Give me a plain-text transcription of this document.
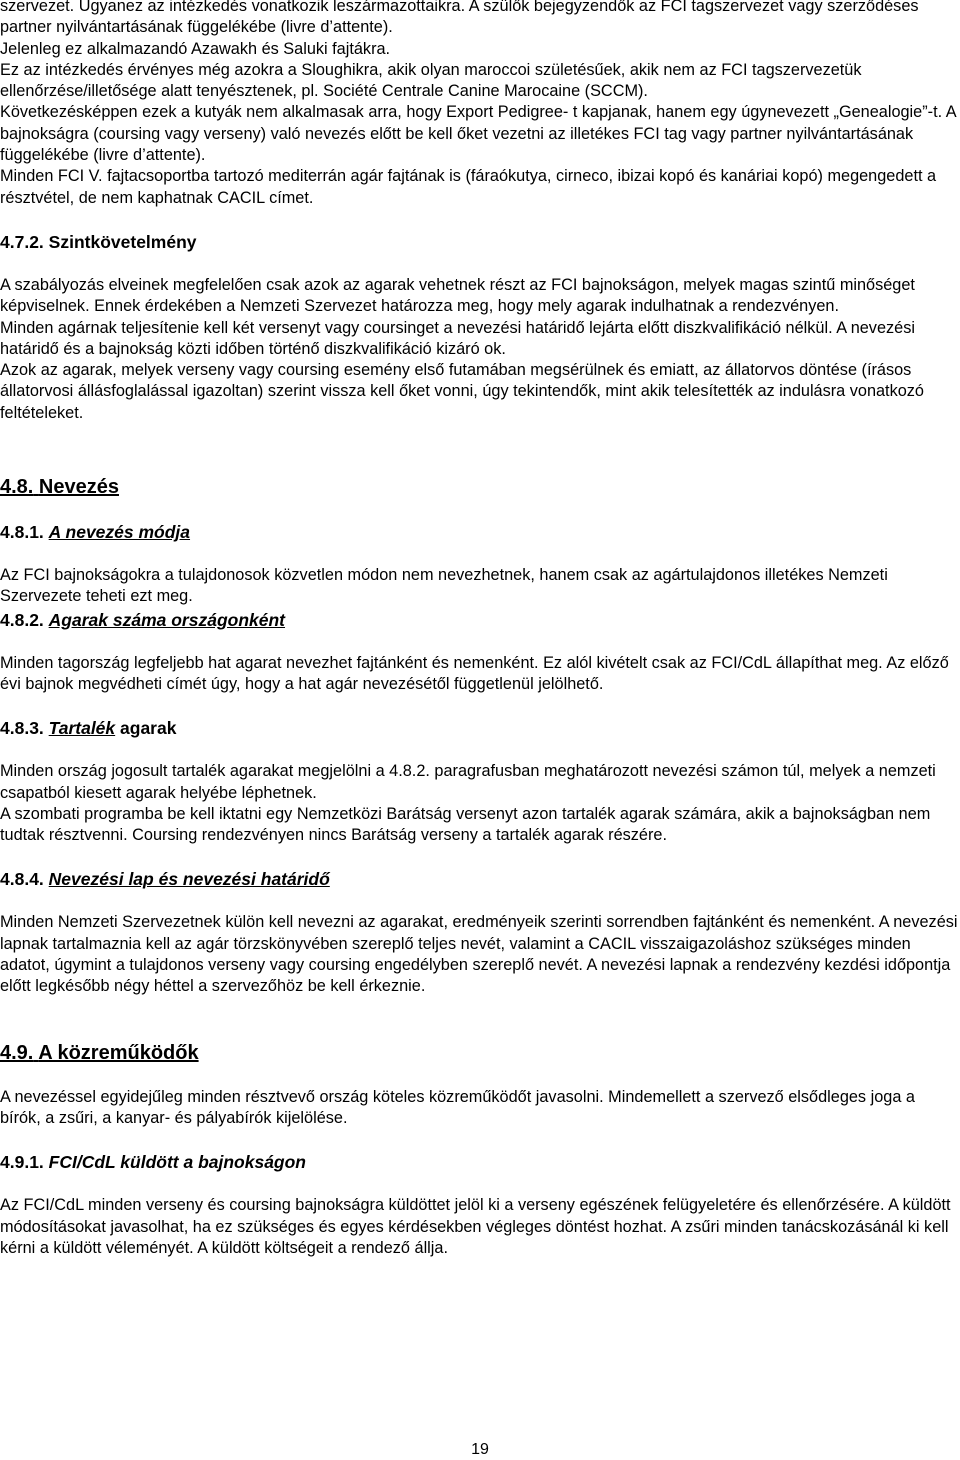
szervezet. Ugyanez az intézkedés vonatkozik leszármazottaikra. A szülők bejegyzendők az FCI tagszervezet vagy szerződéses partner nyilvántartásának függelékébe (livre d’attente).

Jelenleg ez alkalmazandó Azawakh és Saluki fajtákra.

Ez az intézkedés érvényes még azokra a Sloughikra, akik olyan maroccoi születésűek, akik nem az FCI tagszervezetük ellenőrzése/illetősége alatt tenyésztenek, pl. Société Centrale Canine Marocaine (SCCM).

Következésképpen ezek a kutyák nem alkalmasak arra, hogy Export Pedigree- t kapjanak, hanem egy úgynevezett „Genealogie”-t. A bajnokságra (coursing vagy verseny) való nevezés előtt be kell őket vezetni az illetékes FCI tag vagy partner nyilvántartásának függelékébe (livre d’attente).

Minden FCI V. fajtacsoportba tartozó mediterrán agár fajtának is (fáraókutya, cirneco, ibizai kopó és kanáriai kopó) megengedett a résztvétel, de nem kaphatnak CACIL címet.

4.7.2. Szintkövetelmény

A szabályozás elveinek megfelelően csak azok az agarak vehetnek részt az FCI bajnokságon, melyek magas szintű minőséget képviselnek. Ennek érdekében a Nemzeti Szervezet határozza meg, hogy mely agarak indulhatnak a rendezvényen.

Minden agárnak teljesítenie kell két versenyt vagy coursinget a nevezési határidő lejárta előtt diszkvalifikáció nélkül. A nevezési határidő és a bajnokság közti időben történő diszkvalifikáció kizáró ok.

Azok az agarak, melyek verseny vagy coursing esemény első futamában megsérülnek és emiatt, az állatorvos döntése (írásos állatorvosi állásfoglalással igazoltan) szerint vissza kell őket vonni, úgy tekintendők, mint akik telesítették az indulásra vonatkozó feltételeket.

4.8. Nevezés
4.8.1. A nevezés módja

Az FCI bajnokságokra a tulajdonosok közvetlen módon nem nevezhetnek, hanem csak az agártulajdonos illetékes Nemzeti Szervezete teheti ezt meg.

4.8.2. Agarak száma országonként

Minden tagország legfeljebb hat agarat nevezhet fajtánként és nemenként. Ez alól kivételt csak az FCI/CdL állapíthat meg. Az előző évi bajnok megvédheti címét úgy, hogy a hat agár nevezésétől függetlenül jelölhető.

4.8.3. Tartalék agarak

Minden ország jogosult tartalék agarakat megjelölni a 4.8.2. paragrafusban meghatározott nevezési számon túl, melyek a nemzeti csapatból kiesett agarak helyébe léphetnek.

A szombati programba be kell iktatni egy Nemzetközi Barátság versenyt azon tartalék agarak számára, akik a bajnokságban nem tudtak résztvenni. Coursing rendezvényen nincs Barátság verseny a tartalék agarak részére.

4.8.4. Nevezési lap és nevezési határidő

Minden Nemzeti Szervezetnek külön kell nevezni az agarakat, eredményeik szerinti sorrendben fajtánként és nemenként. A nevezési lapnak tartalmaznia kell az agár törzskönyvében szereplő teljes nevét, valamint a CACIL visszaigazoláshoz szükséges minden adatot, úgymint a tulajdonos verseny vagy coursing engedélyben szereplő nevét. A nevezési lapnak a rendezvény kezdési időpontja előtt legkésőbb négy héttel a szervezőhöz be kell érkeznie.

4.9. A közreműködők

A nevezéssel egyidejűleg minden résztvevő ország köteles közreműködőt javasolni. Mindemellett a szervező elsődleges joga a bírók, a zsűri, a kanyar- és pályabírók kijelölése.

4.9.1. FCI/CdL küldött a bajnokságon

Az FCI/CdL minden verseny és coursing bajnokságra küldöttet jelöl ki a verseny egészének felügyeletére és ellenőrzésére. A küldött módosításokat javasolhat, ha ez szükséges és egyes kérdésekben végleges döntést hozhat. A zsűri minden tanácskozásánál ki kell kérni a küldött véleményét. A küldött költségeit a rendező állja.

19
